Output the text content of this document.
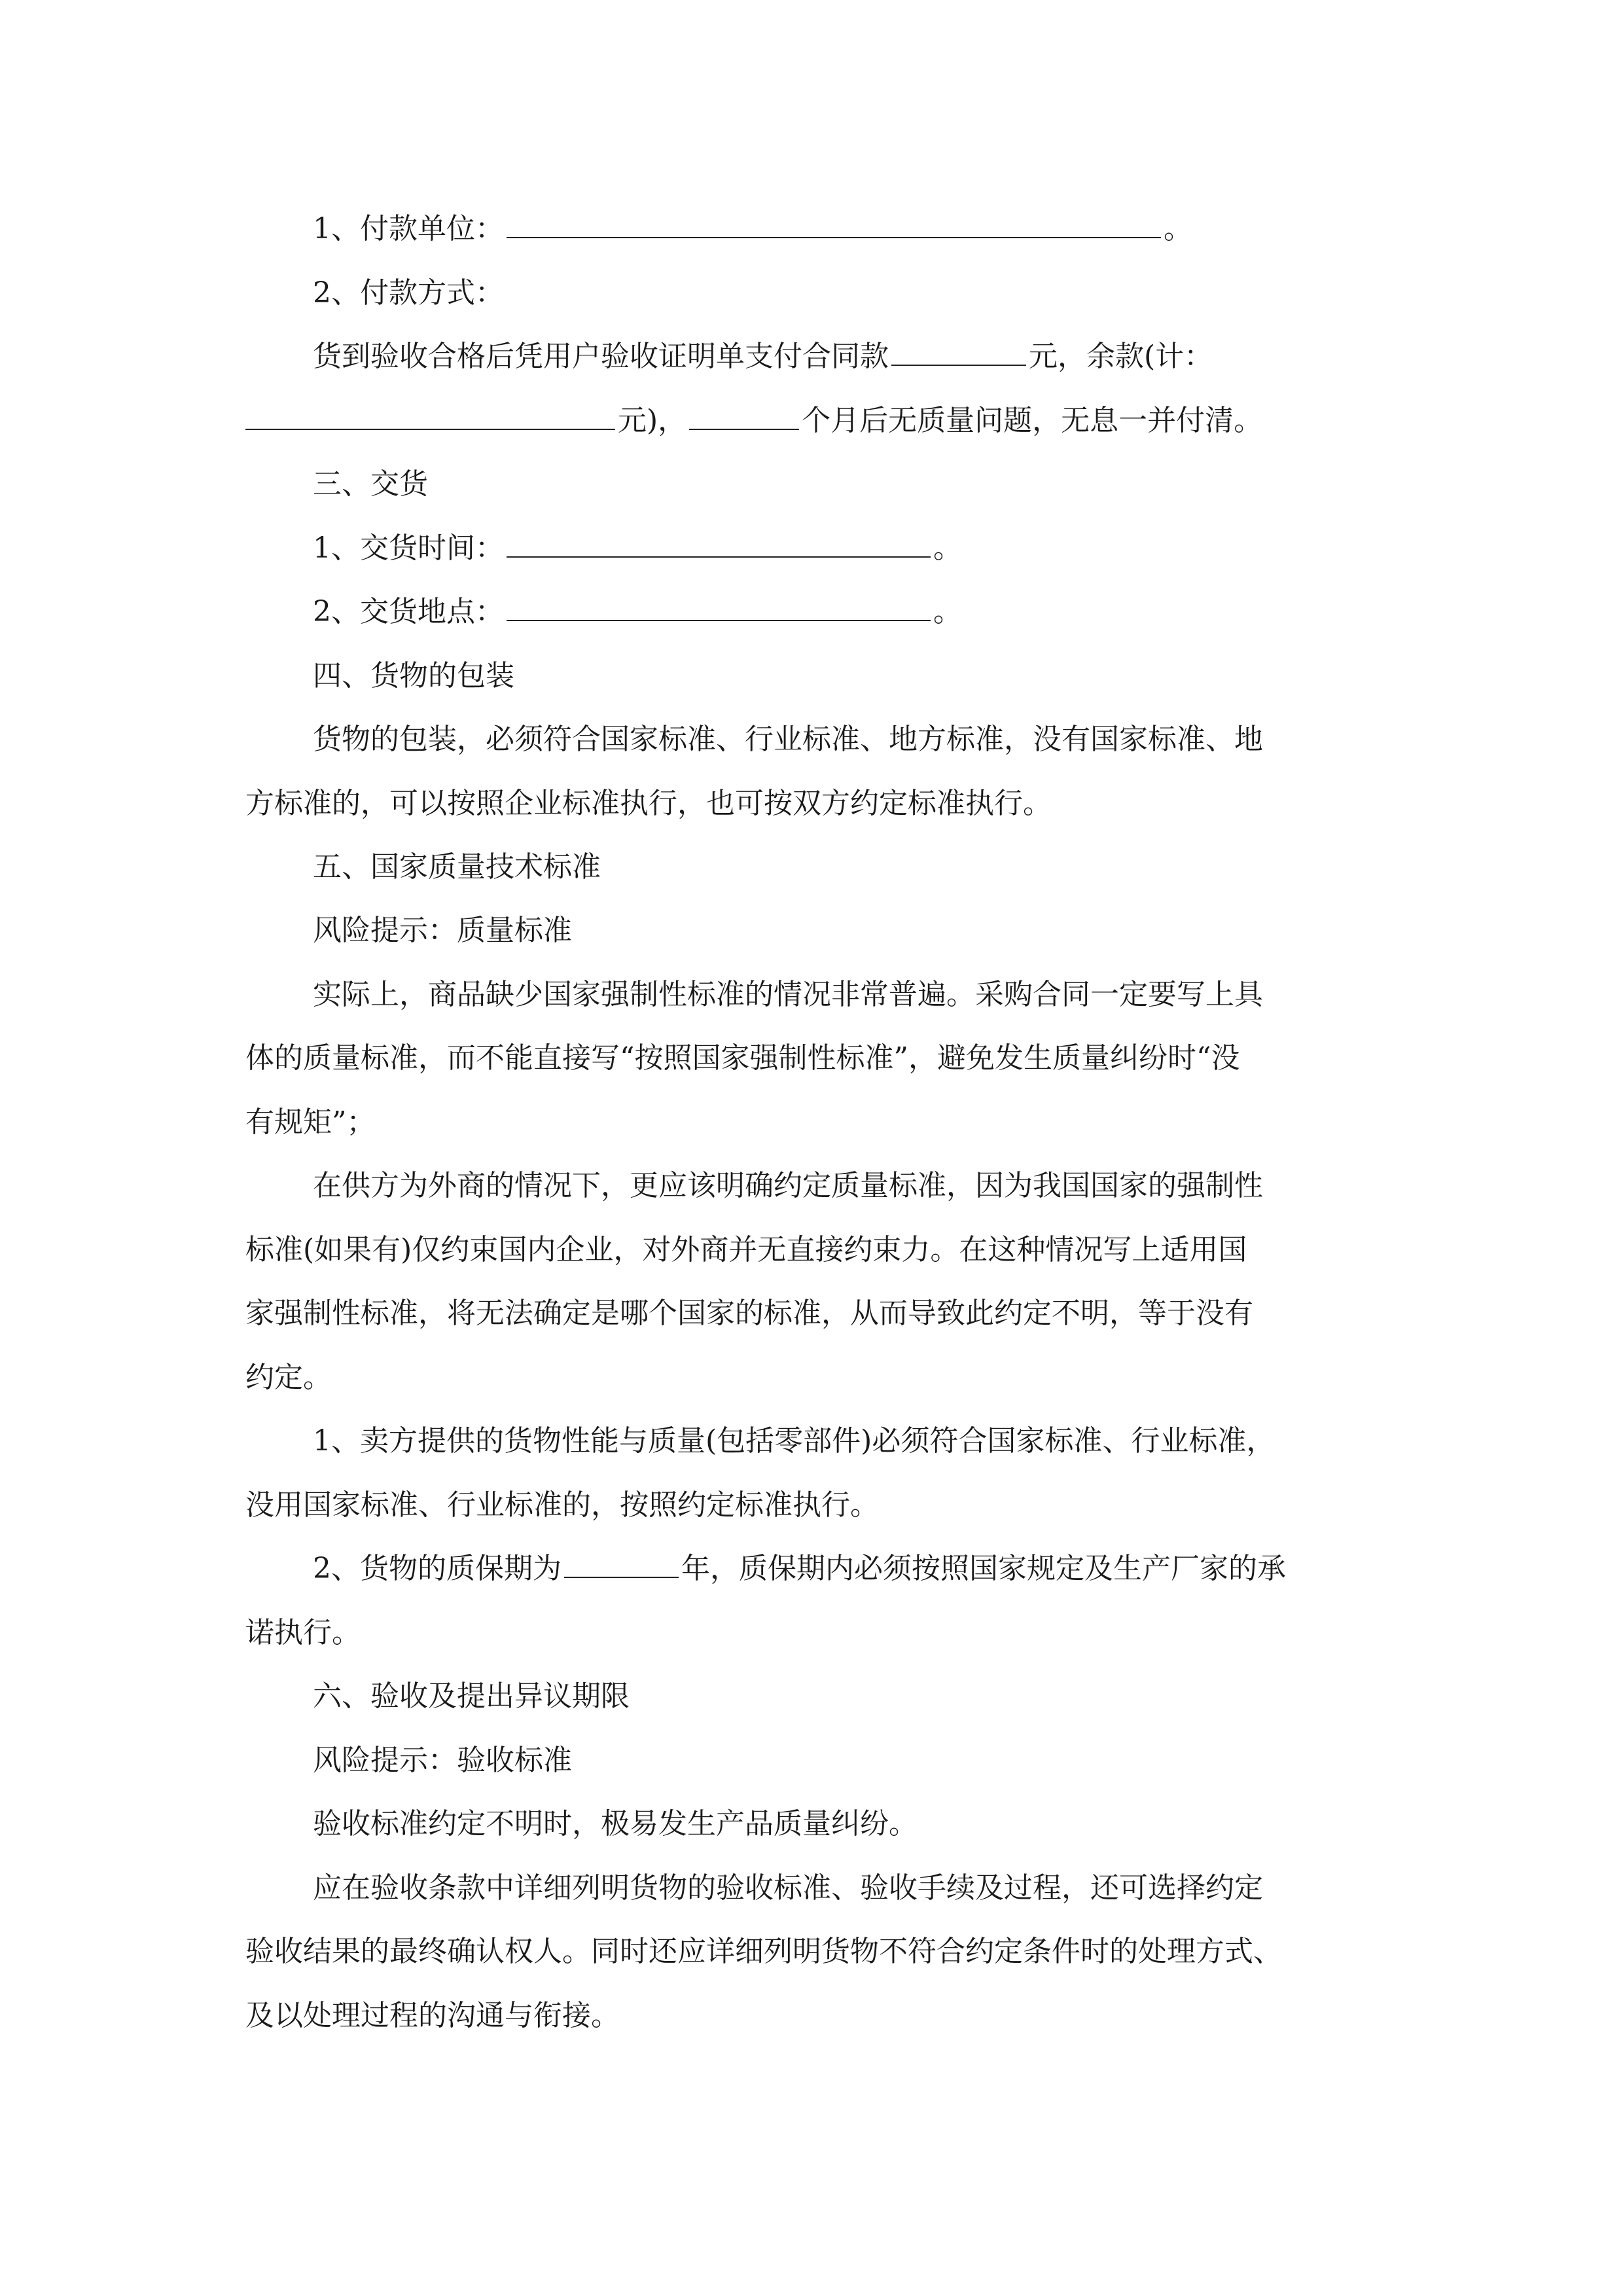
1、付款单位：	。
2、付款方式：
货到验收合格后凭用户验收证明单支付合同款	元，余款(计：
元)，	个月后无质量问题，无息一并付清。
三、交货
1、交货时间：	。
2、交货地点：	。
四、货物的包装
货物的包装，必须符合国家标准、行业标准、地方标准，没有国家标准、地
方标准的，可以按照企业标准执行，也可按双方约定标准执行。
五、国家质量技术标准
风险提示：质量标准
实际上，商品缺少国家强制性标准的情况非常普遍。采购合同一定要写上具
体的质量标准，而不能直接写“按照国家强制性标准”，避免发生质量纠纷时“没
有规矩”；
在供方为外商的情况下，更应该明确约定质量标准，因为我国国家的强制性
标准(如果有)仅约束国内企业，对外商并无直接约束力。在这种情况写上适用国
家强制性标准，将无法确定是哪个国家的标准，从而导致此约定不明，等于没有
约定。
1、卖方提供的货物性能与质量(包括零部件)必须符合国家标准、行业标准，
没用国家标准、行业标准的，按照约定标准执行。
2、货物的质保期为	年，质保期内必须按照国家规定及生产厂家的承
诺执行。
六、验收及提出异议期限
风险提示：验收标准
验收标准约定不明时，极易发生产品质量纠纷。
应在验收条款中详细列明货物的验收标准、验收手续及过程，还可选择约定
验收结果的最终确认权人。同时还应详细列明货物不符合约定条件时的处理方式、
及以处理过程的沟通与衔接。
